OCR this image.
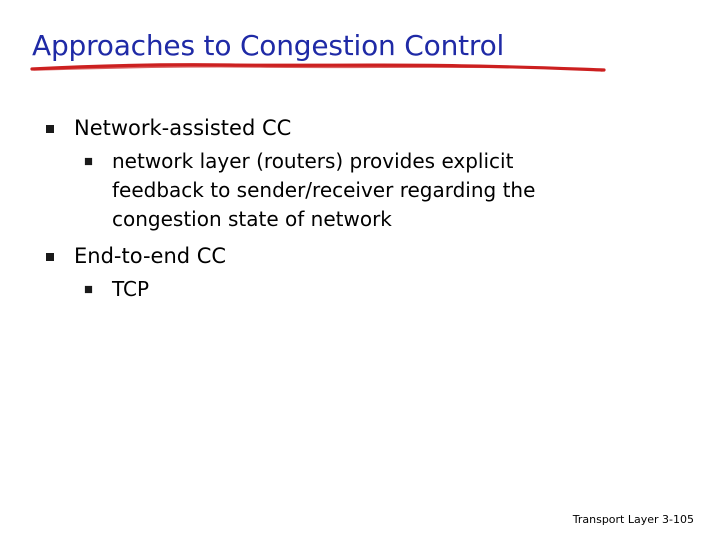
Approaches to Congestion Control
Network-assisted CC
network layer (routers) provides explicit
feedback to sender/receiver regarding the
congestion state of network
End-to-end CC
TCP
Transport Layer 3-105
